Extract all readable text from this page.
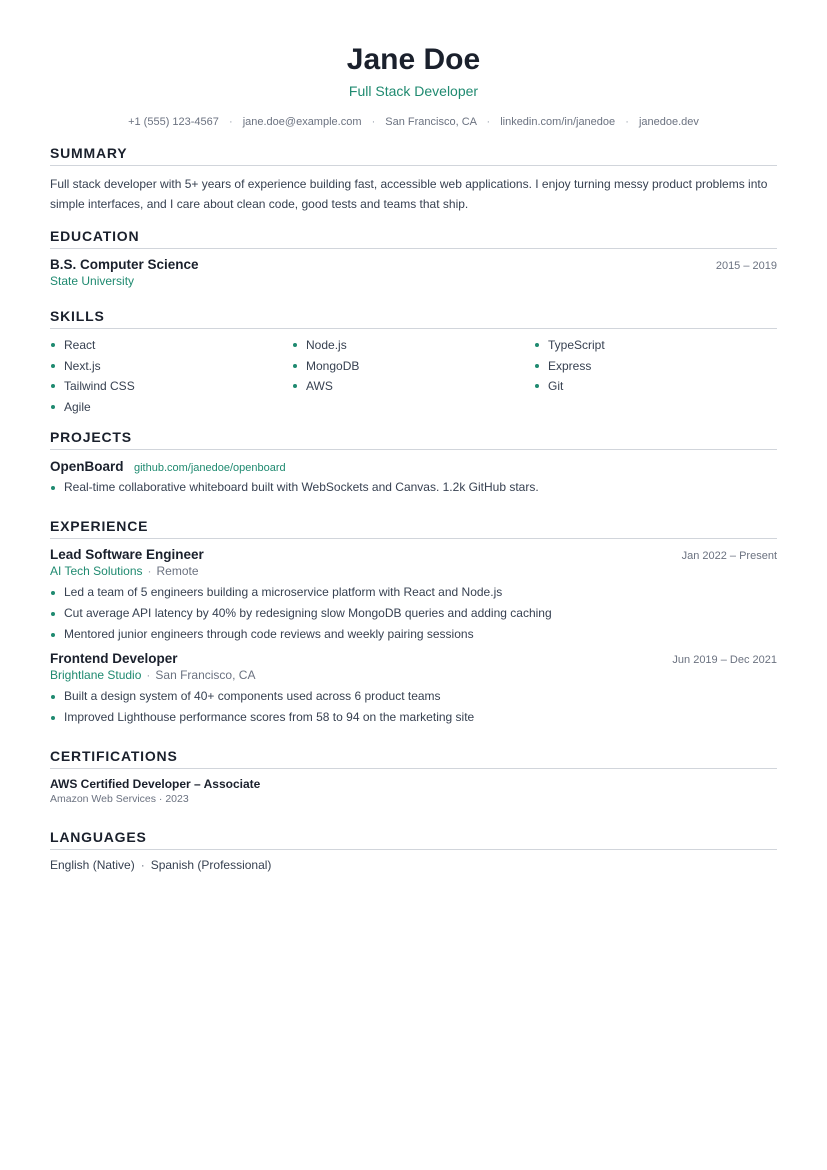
Jane Doe
Full Stack Developer
+1 (555) 123-4567 · jane.doe@example.com · San Francisco, CA · linkedin.com/in/janedoe · janedoe.dev
SUMMARY

Full stack developer with 5+ years of experience building fast, accessible web applications. I enjoy turning messy product problems into simple interfaces, and I care about clean code, good tests and teams that ship.

EDUCATION
B.S. Computer Science	2015 – 2019
State University
SKILLS
React	Node.js	TypeScript
Next.js	MongoDB	Express
Tailwind CSS	AWS	Git
Agile
PROJECTS
OpenBoard github.com/janedoe/openboard
Real-time collaborative whiteboard built with WebSockets and Canvas. 1.2k GitHub stars.
EXPERIENCE
Lead Software Engineer	Jan 2022 – Present
AI Tech Solutions · Remote
Led a team of 5 engineers building a microservice platform with React and Node.js
Cut average API latency by 40% by redesigning slow MongoDB queries and adding caching
Mentored junior engineers through code reviews and weekly pairing sessions
Frontend Developer	Jun 2019 – Dec 2021
Brightlane Studio · San Francisco, CA
Built a design system of 40+ components used across 6 product teams
Improved Lighthouse performance scores from 58 to 94 on the marketing site
CERTIFICATIONS
AWS Certified Developer – Associate
Amazon Web Services · 2023
LANGUAGES
English (Native) · Spanish (Professional)
